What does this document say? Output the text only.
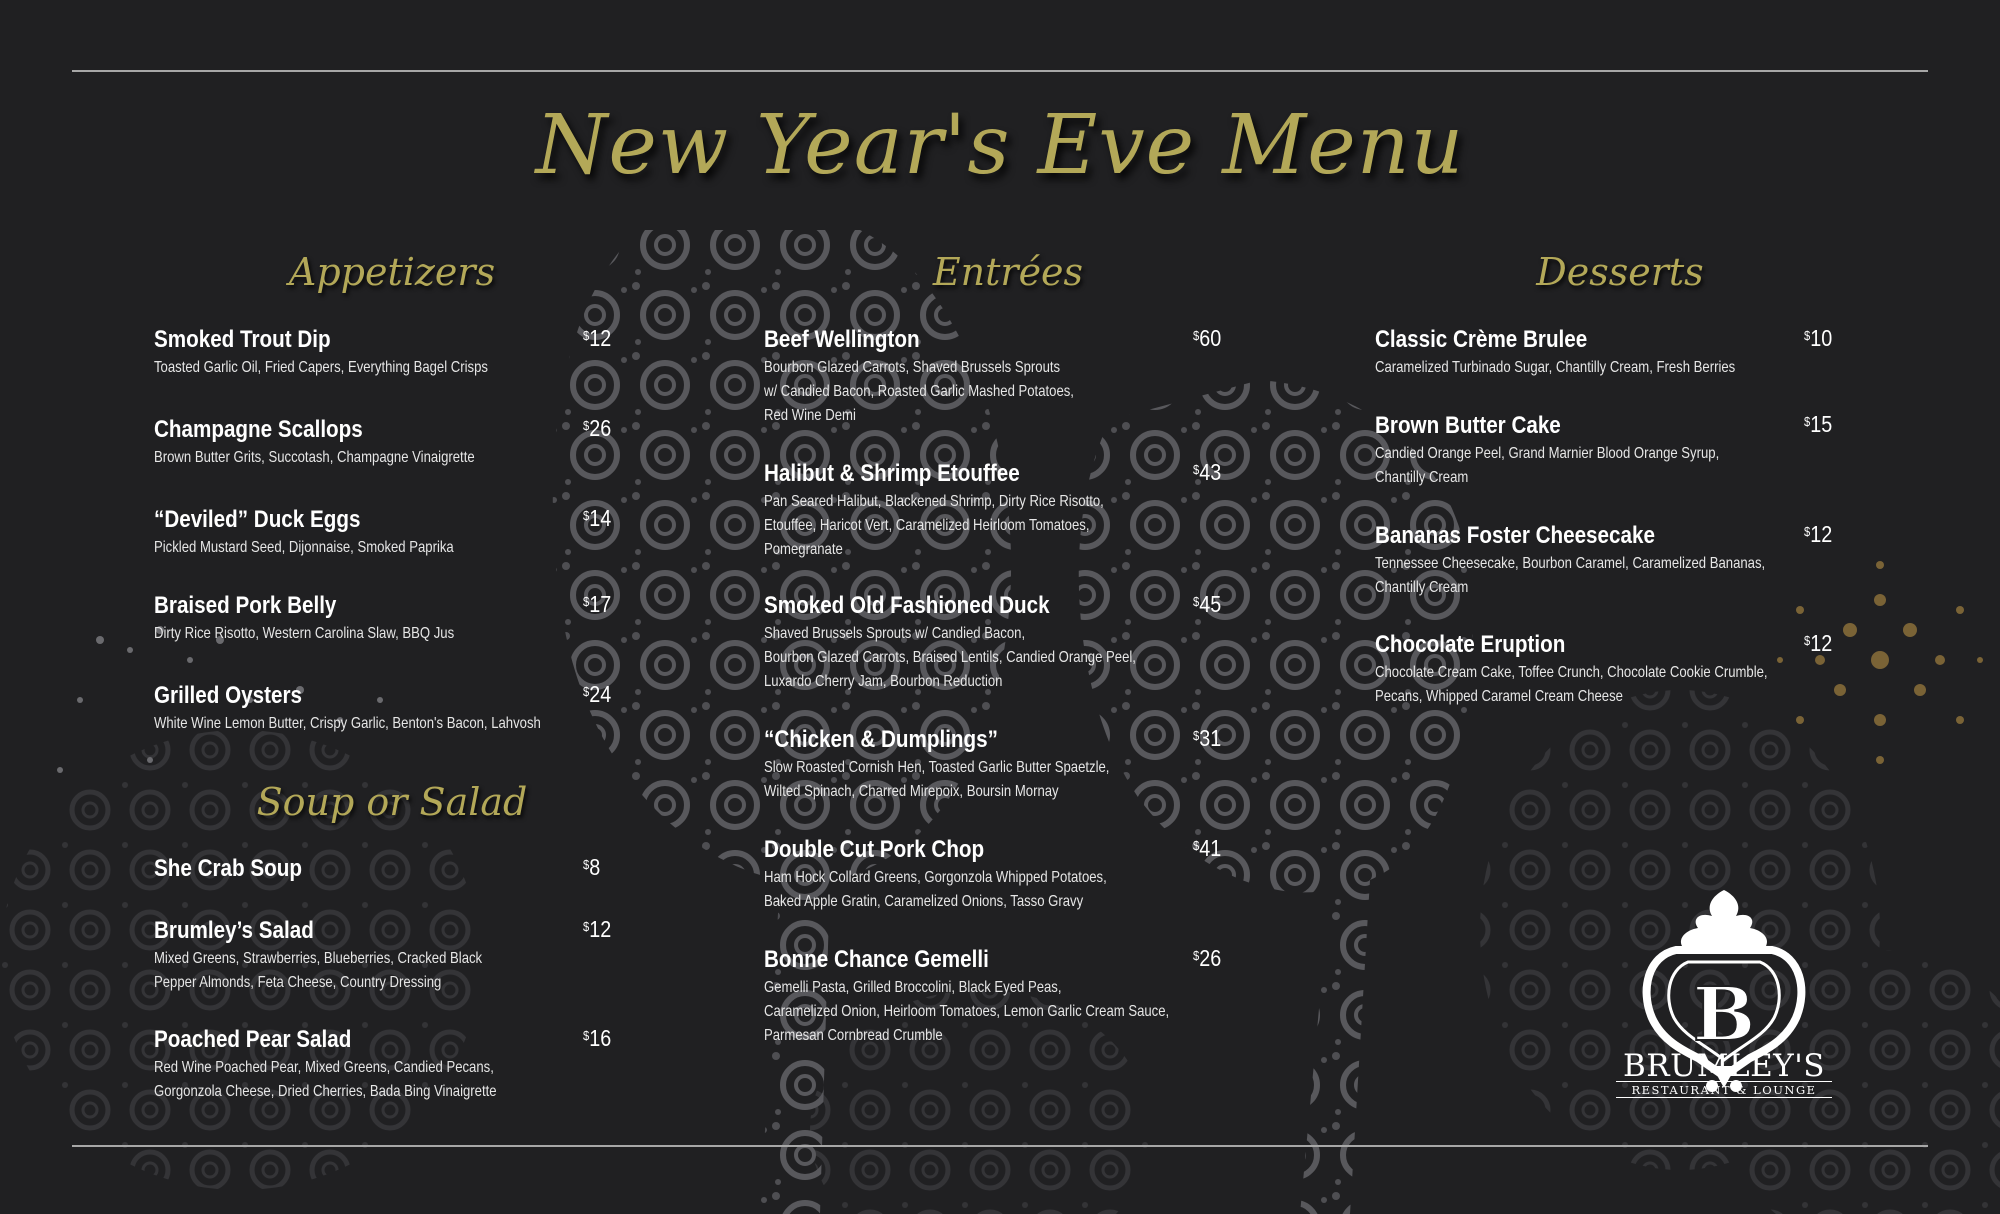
New Year's Eve Menu
Appetizers
Soup or Salad
Entrées	Desserts
Smoked Trout Dip
Toasted Garlic Oil, Fried Capers, Everything Bagel Crisps
$12
Champagne Scallops
Brown Butter Grits, Succotash, Champagne Vinaigrette
$26
“Deviled” Duck Eggs
Pickled Mustard Seed, Dijonnaise, Smoked Paprika
$14
Braised Pork Belly
Dirty Rice Risotto, Western Carolina Slaw, BBQ Jus
$17
Grilled Oysters
White Wine Lemon Butter, Crispy Garlic, Benton's Bacon, Lahvosh
$24
She Crab Soup	$8
Brumley’s Salad
Mixed Greens, Strawberries, Blueberries, Cracked Black
Pepper Almonds, Feta Cheese, Country Dressing
$12
Poached Pear Salad
Red Wine Poached Pear, Mixed Greens, Candied Pecans,
Gorgonzola Cheese, Dried Cherries, Bada Bing Vinaigrette
$16
Beef Wellington
Bourbon Glazed Carrots, Shaved Brussels Sprouts
w/ Candied Bacon, Roasted Garlic Mashed Potatoes,
Red Wine Demi
$60
Halibut & Shrimp Etouffee
Pan Seared Halibut, Blackened Shrimp, Dirty Rice Risotto,
Etouffee, Haricot Vert, Caramelized Heirloom Tomatoes,
Pomegranate
$43
Smoked Old Fashioned Duck
Shaved Brussels Sprouts w/ Candied Bacon,
Bourbon Glazed Carrots, Braised Lentils, Candied Orange Peel,
Luxardo Cherry Jam, Bourbon Reduction
$45
“Chicken & Dumplings”
Slow Roasted Cornish Hen, Toasted Garlic Butter Spaetzle,
Wilted Spinach, Charred Mirepoix, Boursin Mornay
$31
Double Cut Pork Chop
Ham Hock Collard Greens, Gorgonzola Whipped Potatoes,
Baked Apple Gratin, Caramelized Onions, Tasso Gravy
$41
Bonne Chance Gemelli
Gemelli Pasta, Grilled Broccolini, Black Eyed Peas,
Caramelized Onion, Heirloom Tomatoes, Lemon Garlic Cream Sauce,
Parmesan Cornbread Crumble
$26
Classic Crème Brulee
Caramelized Turbinado Sugar, Chantilly Cream, Fresh Berries
$10
Brown Butter Cake
Candied Orange Peel, Grand Marnier Blood Orange Syrup,
Chantilly Cream
$15
Bananas Foster Cheesecake
Tennessee Cheesecake, Bourbon Caramel, Caramelized Bananas,
Chantilly Cream
$12
Chocolate Eruption
Chocolate Cream Cake, Toffee Crunch, Chocolate Cookie Crumble,
Pecans, Whipped Caramel Cream Cheese
$12
B
BRUMLEY'S
RESTAURANT & LOUNGE
